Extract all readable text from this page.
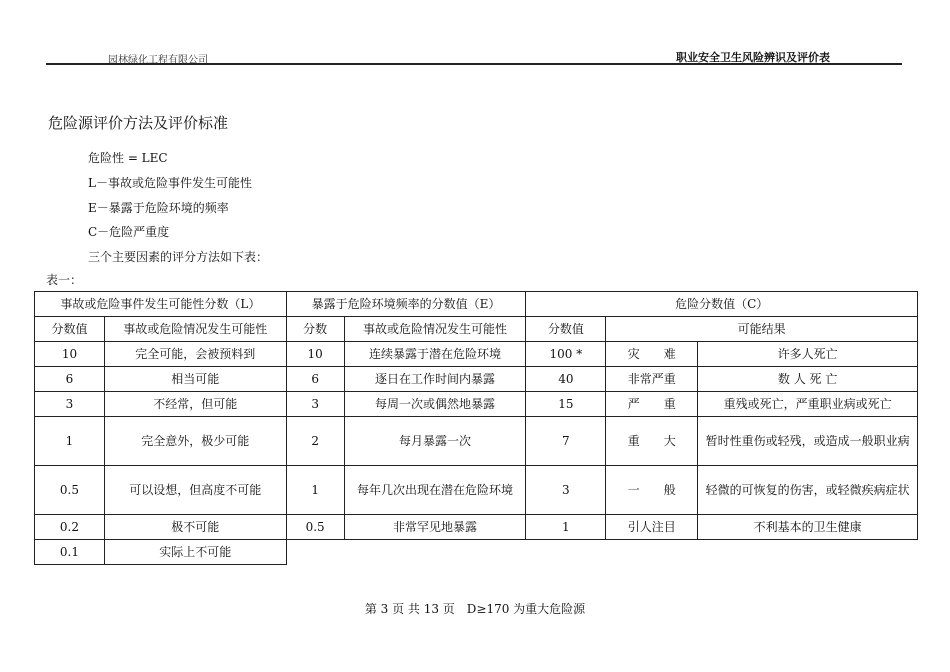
园林绿化工程有限公司	职业安全卫生风险辨识及评价表
危险源评价方法及评价标准
危险性 = LEC
L－事故或危险事件发生可能性
E－暴露于危险环境的频率
C－危险严重度
三个主要因素的评分方法如下表：
表一：
事故或危险事件发生可能性分数（L）		暴露于危险环境频率的分数值（E）		危险分数值（C）		
分数值	事故或危险情况发生可能性	分数	事故或危险情况发生可能性	分数值	可能结果	
10	完全可能，会被预料到	10	连续暴露于潜在危险环境	100 *	灾　　难	许多人死亡
6	相当可能	6	逐日在工作时间内暴露	40	非常严重	数 人 死 亡
3	不经常，但可能	3	每周一次或偶然地暴露	15	严　　重	重残或死亡，严重职业病或死亡
1	完全意外，极少可能	2	每月暴露一次	7	重　　大	暂时性重伤或轻残，或造成一般职业病
0.5	可以设想，但高度不可能	1	每年几次出现在潜在危险环境	3	一　　般	轻微的可恢复的伤害，或轻微疾病症状
0.2	极不可能	0.5	非常罕见地暴露	1	引人注目	不利基本的卫生健康
0.1	实际上不可能					
第 3 页 共 13 页　D≥170 为重大危险源
